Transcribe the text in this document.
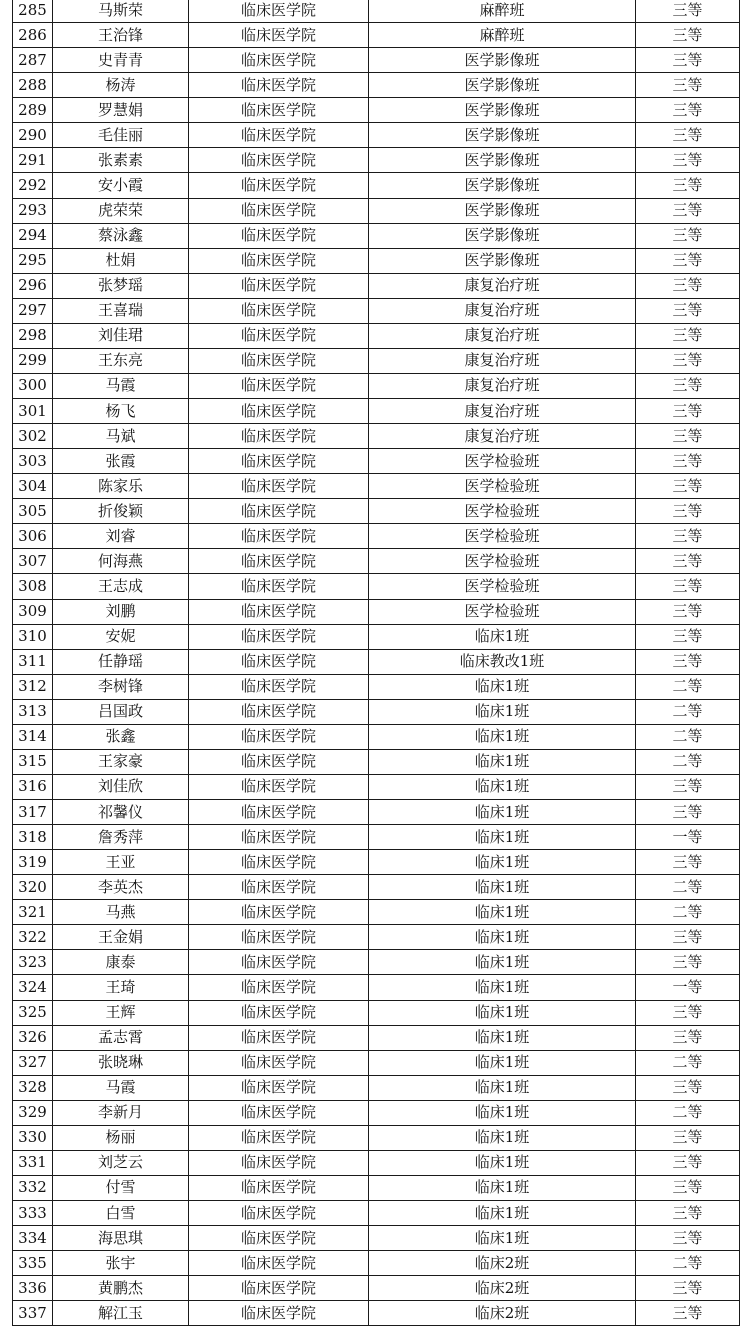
285	马斯荣	临床医学院	麻醉班	三等
286	王治锋	临床医学院	麻醉班	三等
287	史青青	临床医学院	医学影像班	三等
288	杨涛	临床医学院	医学影像班	三等
289	罗慧娟	临床医学院	医学影像班	三等
290	毛佳丽	临床医学院	医学影像班	三等
291	张素素	临床医学院	医学影像班	三等
292	安小霞	临床医学院	医学影像班	三等
293	虎荣荣	临床医学院	医学影像班	三等
294	蔡泳鑫	临床医学院	医学影像班	三等
295	杜娟	临床医学院	医学影像班	三等
296	张梦瑶	临床医学院	康复治疗班	三等
297	王喜瑞	临床医学院	康复治疗班	三等
298	刘佳珺	临床医学院	康复治疗班	三等
299	王东亮	临床医学院	康复治疗班	三等
300	马霞	临床医学院	康复治疗班	三等
301	杨飞	临床医学院	康复治疗班	三等
302	马斌	临床医学院	康复治疗班	三等
303	张霞	临床医学院	医学检验班	三等
304	陈家乐	临床医学院	医学检验班	三等
305	折俊颖	临床医学院	医学检验班	三等
306	刘睿	临床医学院	医学检验班	三等
307	何海燕	临床医学院	医学检验班	三等
308	王志成	临床医学院	医学检验班	三等
309	刘鹏	临床医学院	医学检验班	三等
310	安妮	临床医学院	临床1班	三等
311	任静瑶	临床医学院	临床教改1班	三等
312	李树锋	临床医学院	临床1班	二等
313	吕国政	临床医学院	临床1班	二等
314	张鑫	临床医学院	临床1班	二等
315	王家豪	临床医学院	临床1班	二等
316	刘佳欣	临床医学院	临床1班	三等
317	祁馨仪	临床医学院	临床1班	三等
318	詹秀萍	临床医学院	临床1班	一等
319	王亚	临床医学院	临床1班	三等
320	李英杰	临床医学院	临床1班	二等
321	马燕	临床医学院	临床1班	二等
322	王金娟	临床医学院	临床1班	三等
323	康泰	临床医学院	临床1班	三等
324	王琦	临床医学院	临床1班	一等
325	王辉	临床医学院	临床1班	三等
326	孟志霄	临床医学院	临床1班	三等
327	张晓琳	临床医学院	临床1班	二等
328	马霞	临床医学院	临床1班	三等
329	李新月	临床医学院	临床1班	二等
330	杨丽	临床医学院	临床1班	三等
331	刘芝云	临床医学院	临床1班	三等
332	付雪	临床医学院	临床1班	三等
333	白雪	临床医学院	临床1班	三等
334	海思琪	临床医学院	临床1班	三等
335	张宇	临床医学院	临床2班	二等
336	黄鹏杰	临床医学院	临床2班	三等
337	解江玉	临床医学院	临床2班	三等
